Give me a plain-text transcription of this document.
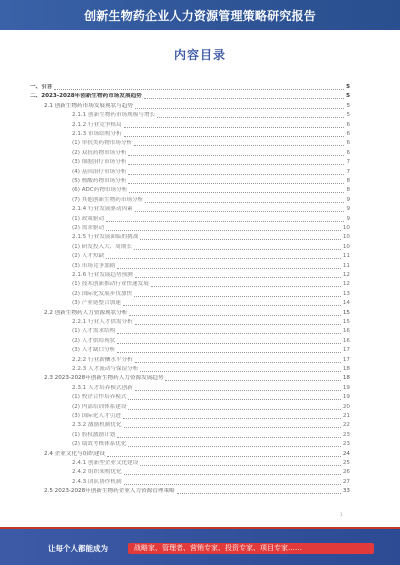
创新生物药企业人力资源管理策略研究报告
内容目录
一、引言	5
二、2023-2028年创新生物药市场发展趋势	5
2.1 创新生物药市场发展现状与趋势	5
2.1.1 创新生物药市场规模与增长	5
2.1.2 行业竞争格局	6
2.1.3 市场结构分析	6
(1) 单抗类药物市场分析	6
(2) 双抗药物市场分析	6
(3) 细胞治疗市场分析	7
(4) 基因治疗市场分析	7
(5) 核酸药物市场分析	8
(6) ADC药物市场分析	8
(7) 其他创新生物药市场分析	9
2.1.4 行业发展驱动因素	9
(1) 政策驱动	9
(2) 需求驱动	10
2.1.5 行业发展面临的挑战	10
(1) 研发投入大、周期长	10
(2) 人才短缺	11
(3) 市场竞争加剧	11
2.1.6 行业发展趋势预测	12
(1) 技术创新推动行业快速发展	12
(2) 国际化发展步伐加快	13
(3) 产业链整合加速	14
2.2 创新生物药人力资源现状分析	15
2.2.1 行业人才供需分析	15
(1) 人才需求结构	16
(2) 人才供给现状	16
(3) 人才缺口分析	17
2.2.2 行业薪酬水平分析	17
2.2.3 人才流动与保留分析	18
2.3 2023-2028年创新生物药人力资源发展趋势	18
2.3.1 人才培养模式创新	19
(1) 校企合作培养模式	19
(2) 内部培训体系建设	20
(3) 国际化人才引进	21
2.3.2 激励机制优化	22
(1) 股权激励计划	23
(2) 绩效考核体系优化	23
2.4 企业文化与组织建设	24
2.4.1 创新型企业文化建设	25
2.4.2 组织架构优化	26
2.4.3 团队协作机制	27
2.5 2023-2028年创新生物药企业人力资源管理策略	33
1
让每个人都能成为	战略家、管理者、营销专家、投资专家、项目专家……
